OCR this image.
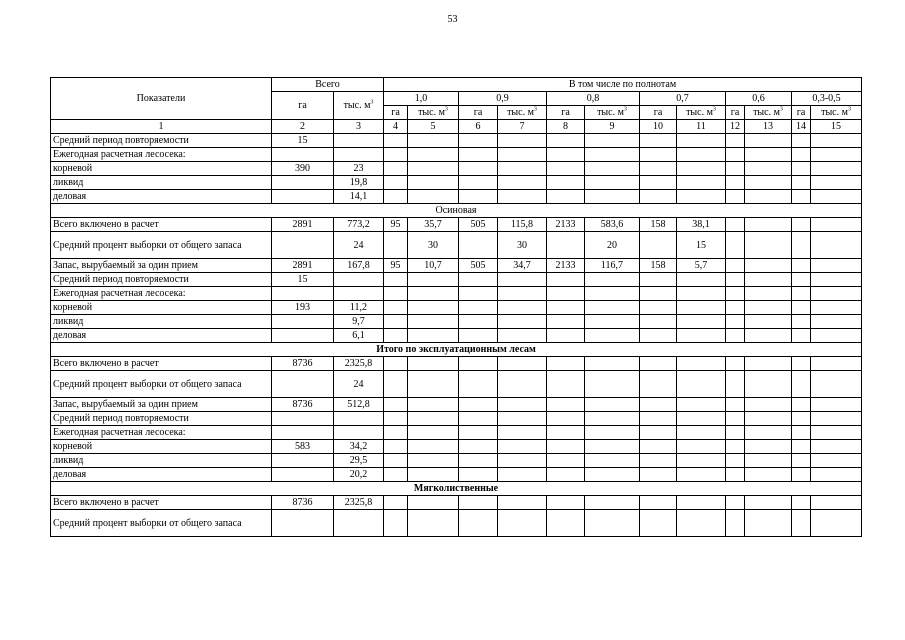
53
Показатели	Всего		В том числе по полнотам											
	га	тыс. $м^3$	1,0		0,9		0,8		0,7		0,6		0,3-0,5	
			га	тыс. $м^3$	га	тыс. $м^3$	га	тыс. $м^3$	га	тыс. $м^3$	га	тыс. $м^3$	га	тыс. $м^3$
1	2	3	4	5	6	7	8	9	10	11	12	13	14	15
Средний период повторяемости	15													
Ежегодная расчетная лесосека:														
корневой	390	23												
ликвид		19,8												
деловая		14,1												
Осиновая														
Всего включено в расчет	2891	773,2	95	35,7	505	115,8	2133	583,6	158	38,1				
Средний процент выборки от общего запаса		24		30		30		20		15				
Запас, вырубаемый за один прием	2891	167,8	95	10,7	505	34,7	2133	116,7	158	5,7				
Средний период повторяемости	15													
Ежегодная расчетная лесосека:														
корневой	193	11,2												
ликвид		9,7												
деловая		6,1												
Итого по эксплуатационным лесам														
Всего включено в расчет	8736	2325,8												
Средний процент выборки от общего запаса		24												
Запас, вырубаемый за один прием	8736	512,8												
Средний период повторяемости														
Ежегодная расчетная лесосека:														
корневой	583	34,2												
ликвид		29,5												
деловая		20,2												
Мягколиственные														
Всего включено в расчет	8736	2325,8												
Средний процент выборки от общего запаса														
